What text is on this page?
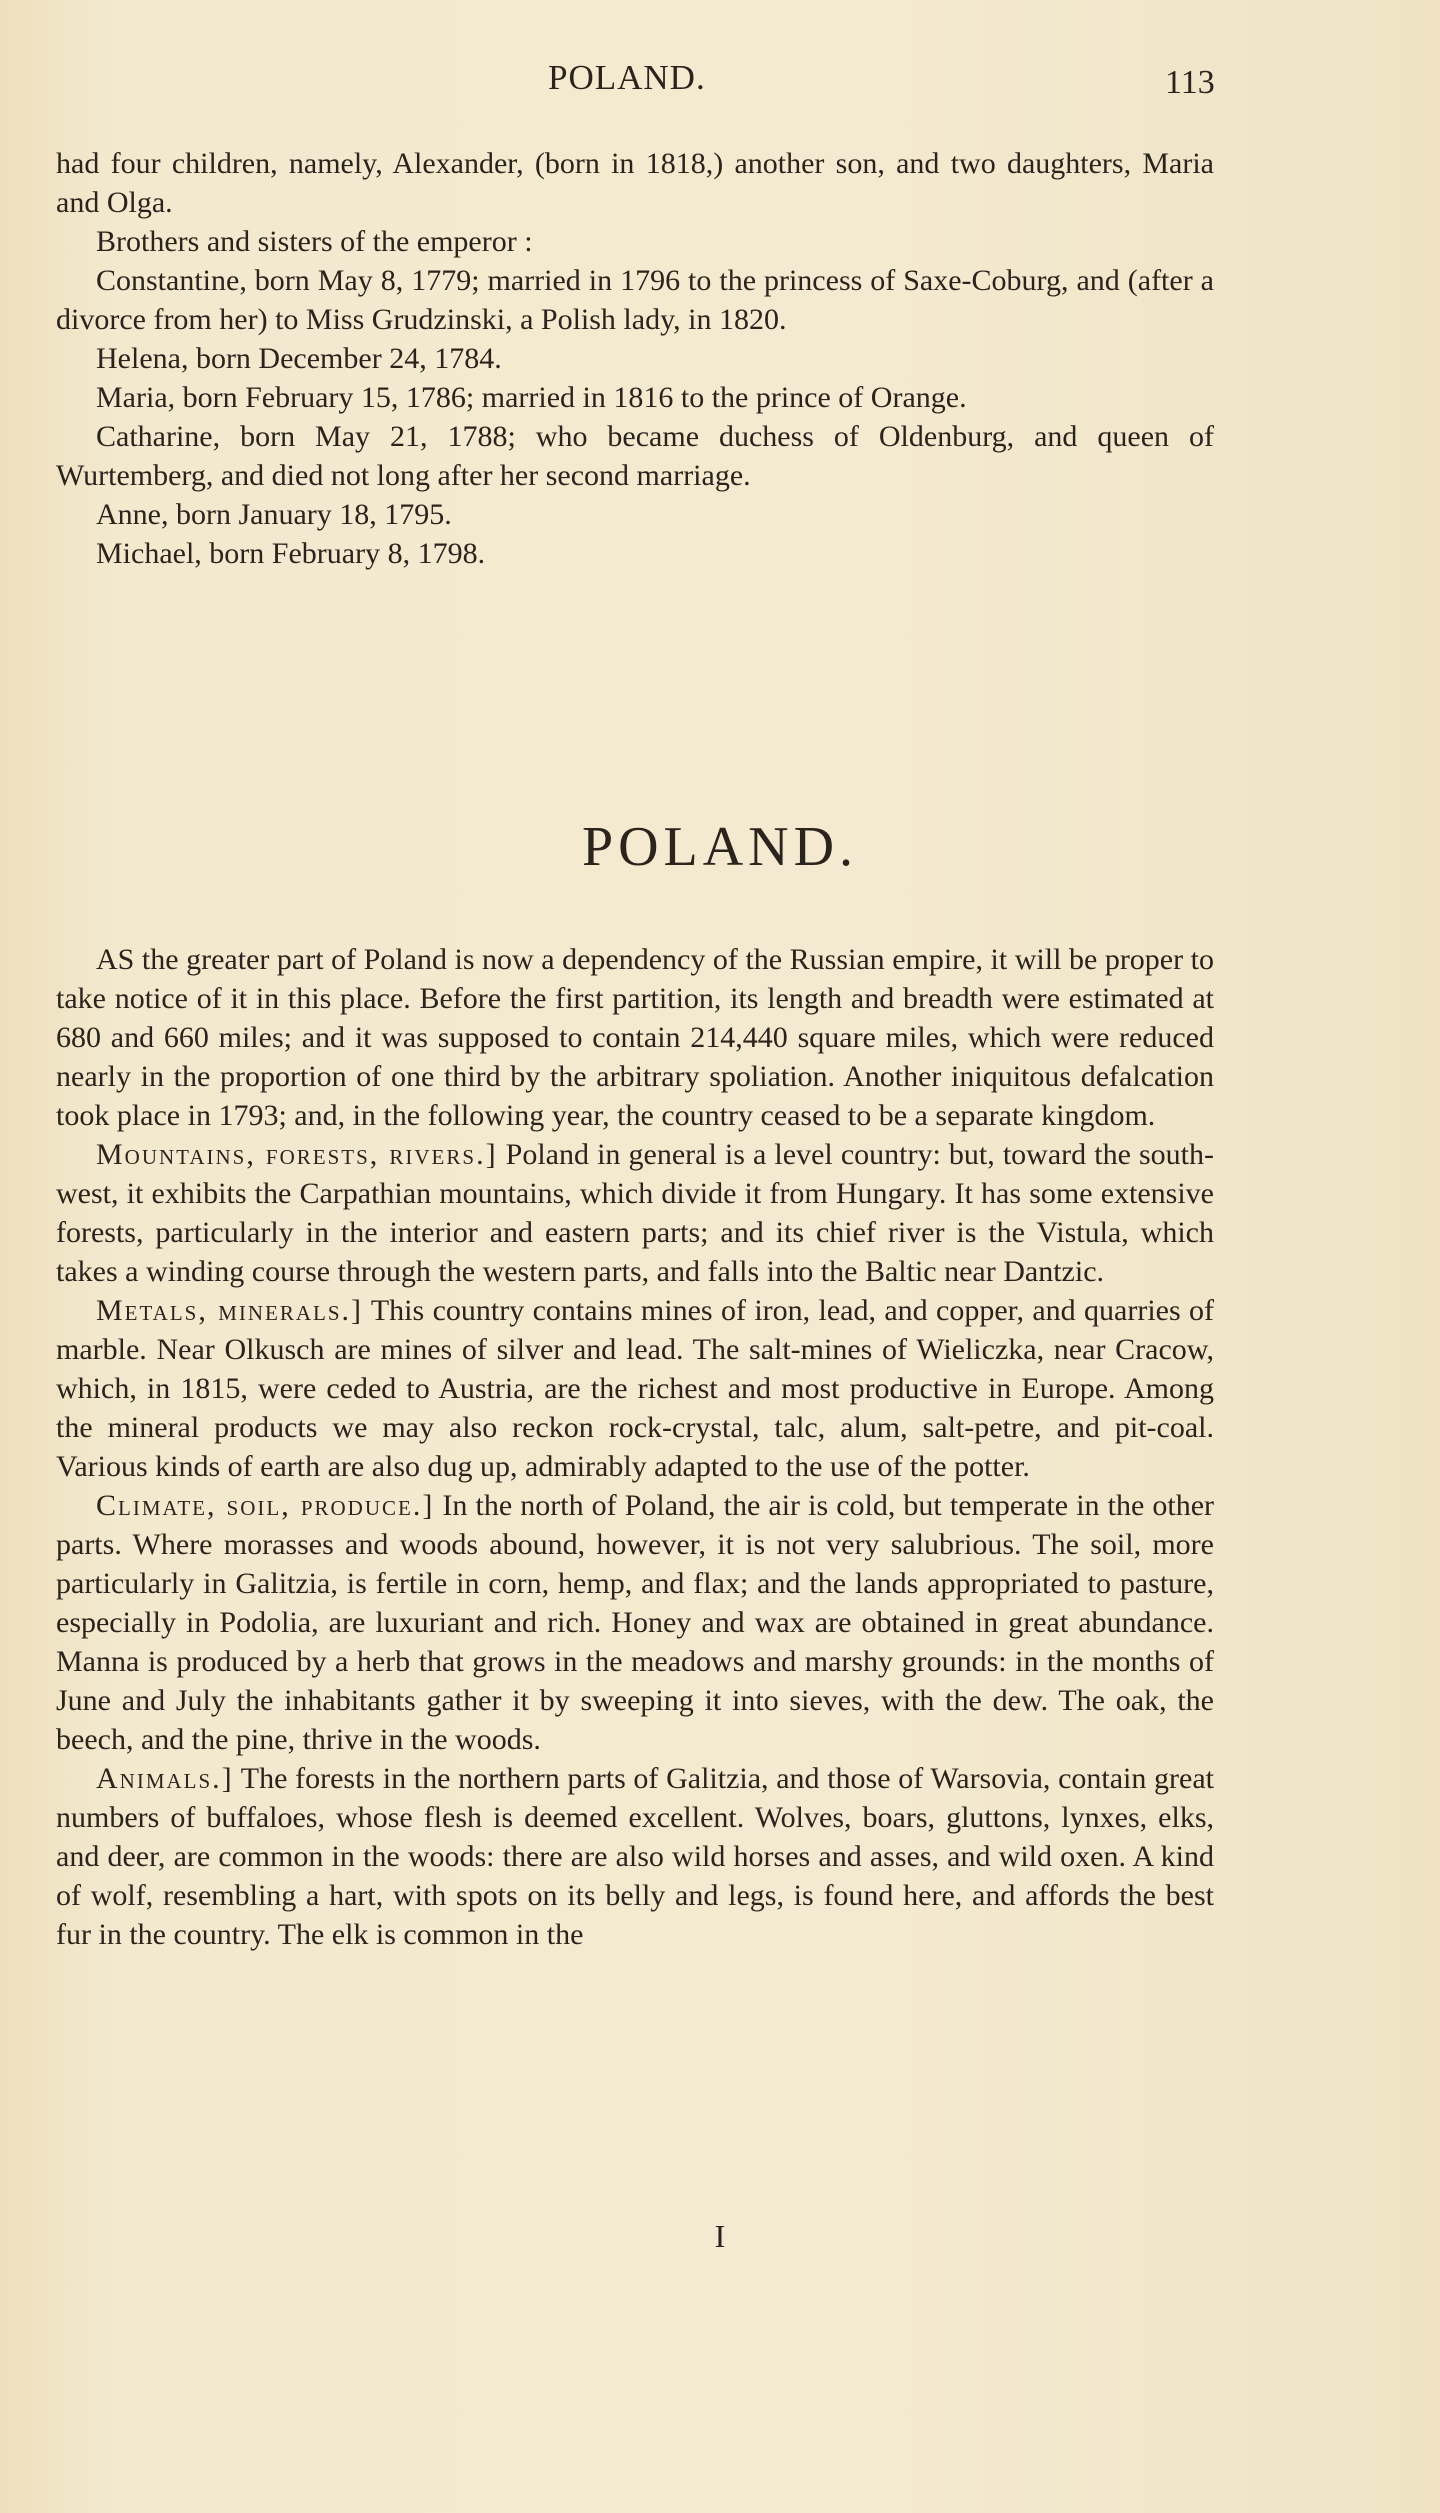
POLAND.	113

had four children, namely, Alexander, (born in 1818,) another son, and two daughters, Maria and Olga.

Brothers and sisters of the emperor :

Constantine, born May 8, 1779; married in 1796 to the princess of Saxe-Coburg, and (after a divorce from her) to Miss Grudzinski, a Polish lady, in 1820.

Helena, born December 24, 1784.

Maria, born February 15, 1786; married in 1816 to the prince of Orange.

Catharine, born May 21, 1788; who became duchess of Oldenburg, and queen of Wurtemberg, and died not long after her second marriage.

Anne, born January 18, 1795.

Michael, born February 8, 1798.

POLAND.

AS the greater part of Poland is now a dependency of the Russian empire, it will be proper to take notice of it in this place. Before the first partition, its length and breadth were estimated at 680 and 660 miles; and it was supposed to contain 214,440 square miles, which were reduced nearly in the proportion of one third by the arbitrary spoliation. Another iniquitous defalcation took place in 1793; and, in the following year, the country ceased to be a separate kingdom.

Mountains, forests, rivers.] Poland in general is a level country: but, toward the south-west, it exhibits the Carpathian mountains, which divide it from Hungary. It has some extensive forests, particularly in the interior and eastern parts; and its chief river is the Vistula, which takes a winding course through the western parts, and falls into the Baltic near Dantzic.

Metals, minerals.] This country contains mines of iron, lead, and copper, and quarries of marble. Near Olkusch are mines of silver and lead. The salt-mines of Wieliczka, near Cracow, which, in 1815, were ceded to Austria, are the richest and most productive in Europe. Among the mineral products we may also reckon rock-crystal, talc, alum, salt-petre, and pit-coal. Various kinds of earth are also dug up, admirably adapted to the use of the potter.

Climate, soil, produce.] In the north of Poland, the air is cold, but temperate in the other parts. Where morasses and woods abound, however, it is not very salubrious. The soil, more particularly in Galitzia, is fertile in corn, hemp, and flax; and the lands appropriated to pasture, especially in Podolia, are luxuriant and rich. Honey and wax are obtained in great abundance. Manna is produced by a herb that grows in the meadows and marshy grounds: in the months of June and July the inhabitants gather it by sweeping it into sieves, with the dew. The oak, the beech, and the pine, thrive in the woods.

Animals.] The forests in the northern parts of Galitzia, and those of Warsovia, contain great numbers of buffaloes, whose flesh is deemed excellent. Wolves, boars, gluttons, lynxes, elks, and deer, are common in the woods: there are also wild horses and asses, and wild oxen. A kind of wolf, resembling a hart, with spots on its belly and legs, is found here, and affords the best fur in the country. The elk is common in the

I
